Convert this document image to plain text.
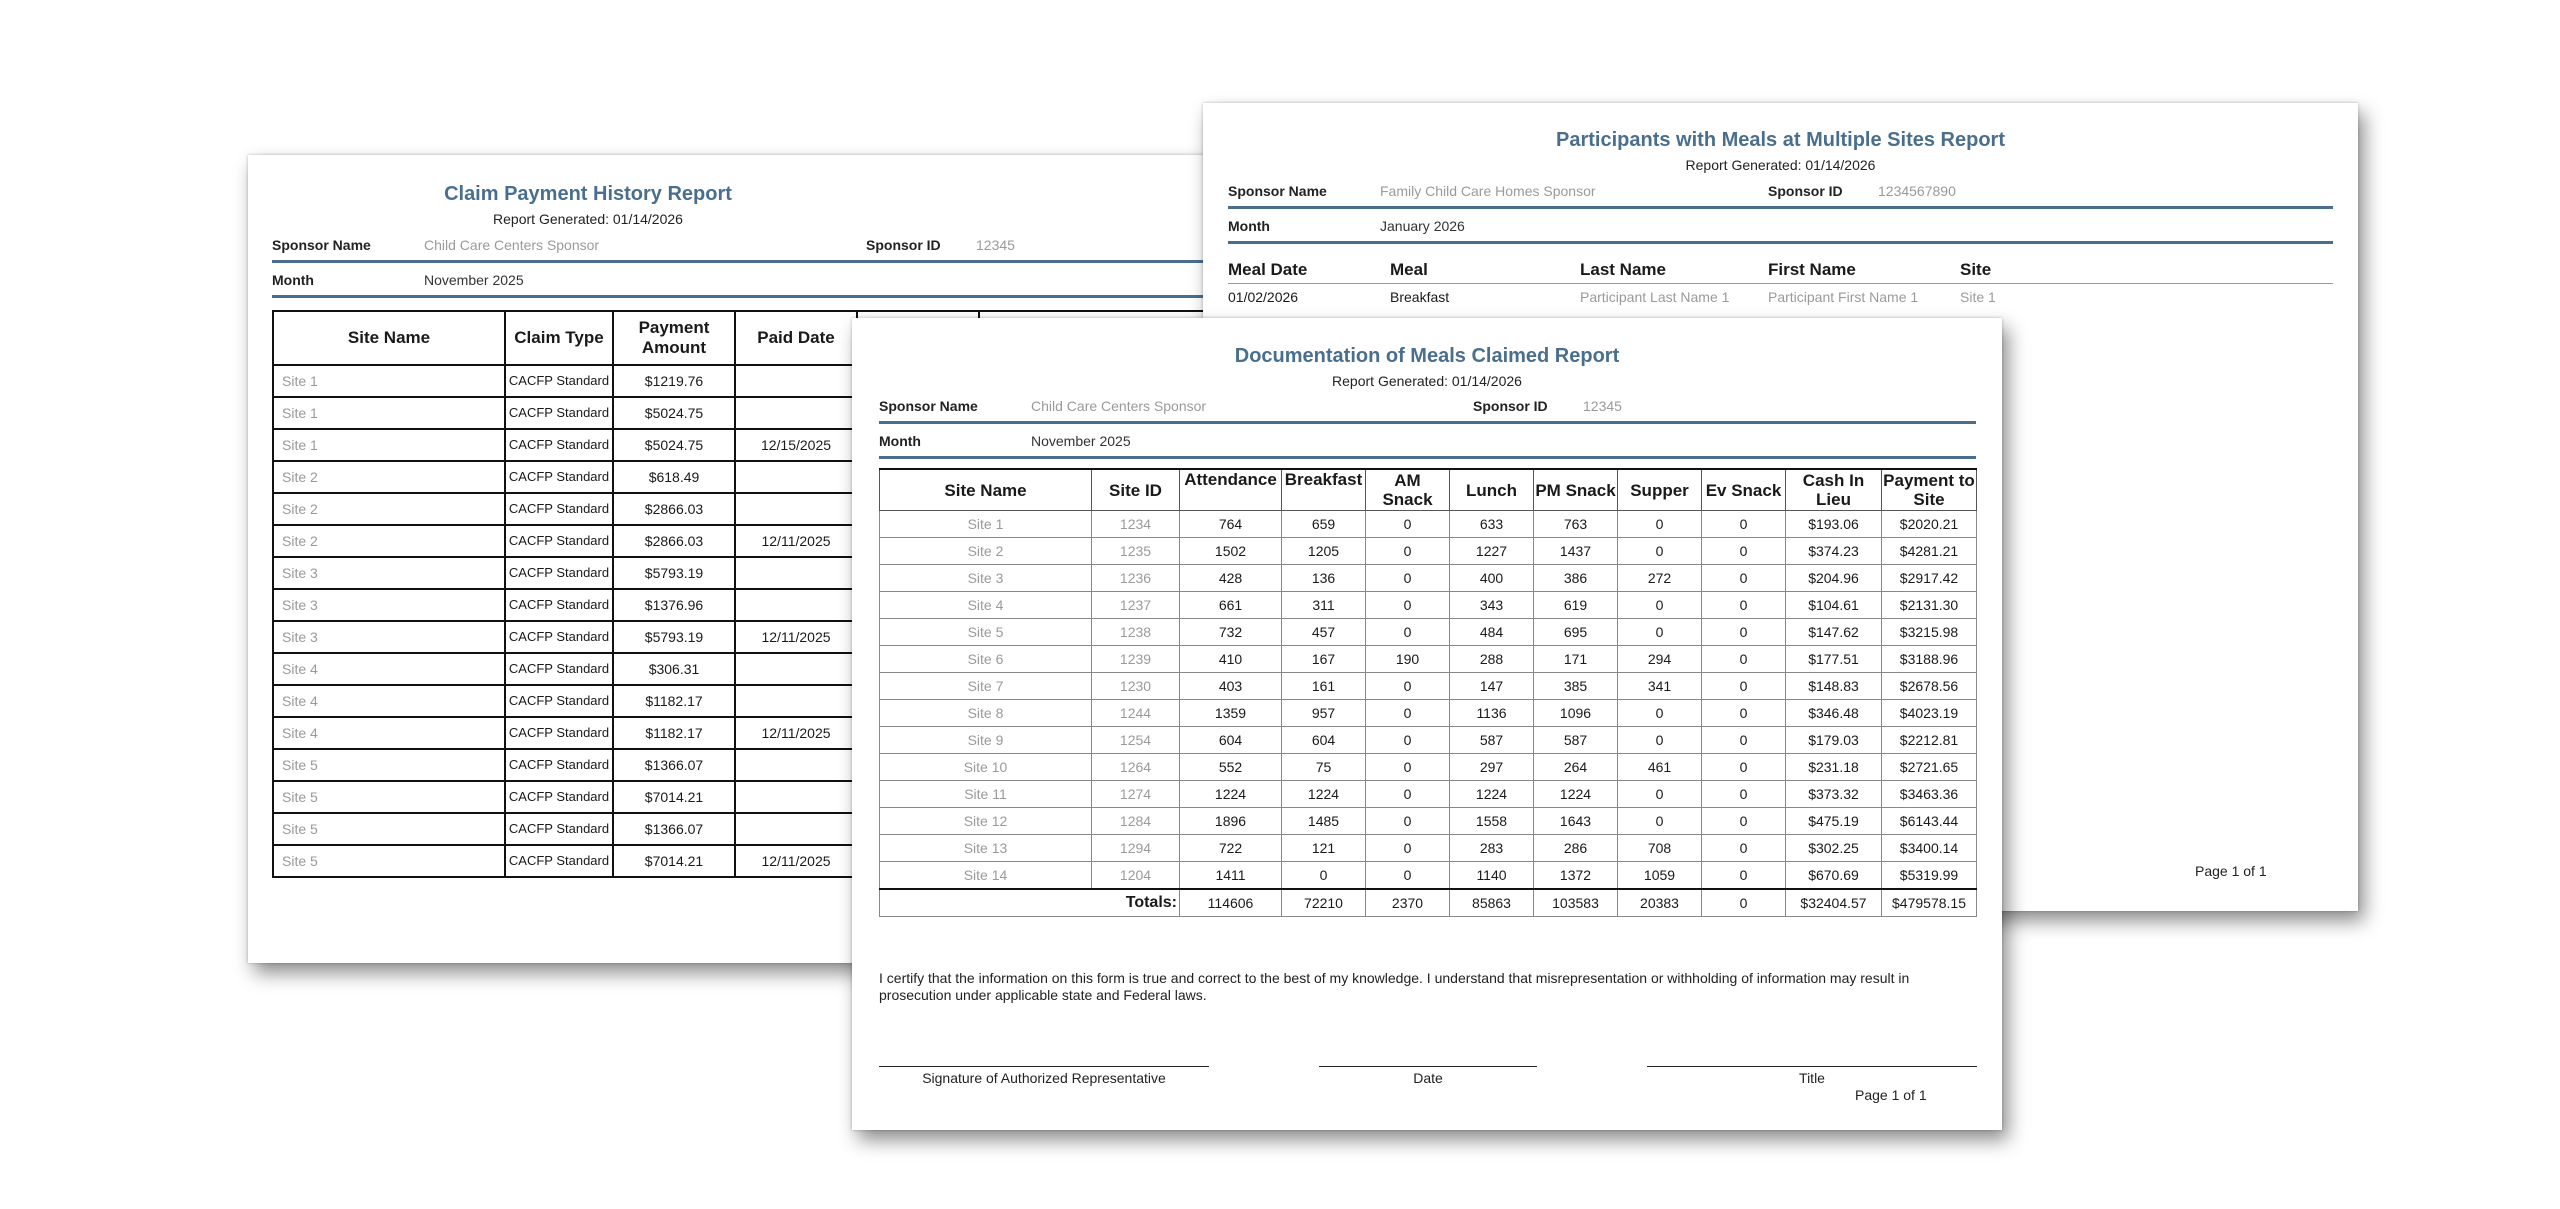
Claim Payment History Report
Report Generated: 01/14/2026
Sponsor Name	Child Care Centers Sponsor	Sponsor ID	12345
Month	November 2025
Site Name	Claim Type	Payment Amount	Paid Date		
Site 1	CACFP Standard	$1219.76			
Site 1	CACFP Standard	$5024.75			
Site 1	CACFP Standard	$5024.75	12/15/2025		
Site 2	CACFP Standard	$618.49			
Site 2	CACFP Standard	$2866.03			
Site 2	CACFP Standard	$2866.03	12/11/2025		
Site 3	CACFP Standard	$5793.19			
Site 3	CACFP Standard	$1376.96			
Site 3	CACFP Standard	$5793.19	12/11/2025		
Site 4	CACFP Standard	$306.31			
Site 4	CACFP Standard	$1182.17			
Site 4	CACFP Standard	$1182.17	12/11/2025		
Site 5	CACFP Standard	$1366.07			
Site 5	CACFP Standard	$7014.21			
Site 5	CACFP Standard	$1366.07			
Site 5	CACFP Standard	$7014.21	12/11/2025		
Participants with Meals at Multiple Sites Report
Report Generated: 01/14/2026
Sponsor Name	Family Child Care Homes Sponsor	Sponsor ID	1234567890
Month	January 2026
Meal Date	Meal	Last Name	First Name	Site
01/02/2026	Breakfast	Participant Last Name 1	Participant First Name 1	Site 1
Page 1 of 1
Documentation of Meals Claimed Report
Report Generated: 01/14/2026
Sponsor Name	Child Care Centers Sponsor	Sponsor ID	12345
Month	November 2025
Site Name	Site ID	Attendance	Breakfast	AM Snack	Lunch	PM Snack	Supper	Ev Snack	Cash In Lieu	Payment to Site
Site 1	1234	764	659	0	633	763	0	0	$193.06	$2020.21
Site 2	1235	1502	1205	0	1227	1437	0	0	$374.23	$4281.21
Site 3	1236	428	136	0	400	386	272	0	$204.96	$2917.42
Site 4	1237	661	311	0	343	619	0	0	$104.61	$2131.30
Site 5	1238	732	457	0	484	695	0	0	$147.62	$3215.98
Site 6	1239	410	167	190	288	171	294	0	$177.51	$3188.96
Site 7	1230	403	161	0	147	385	341	0	$148.83	$2678.56
Site 8	1244	1359	957	0	1136	1096	0	0	$346.48	$4023.19
Site 9	1254	604	604	0	587	587	0	0	$179.03	$2212.81
Site 10	1264	552	75	0	297	264	461	0	$231.18	$2721.65
Site 11	1274	1224	1224	0	1224	1224	0	0	$373.32	$3463.36
Site 12	1284	1896	1485	0	1558	1643	0	0	$475.19	$6143.44
Site 13	1294	722	121	0	283	286	708	0	$302.25	$3400.14
Site 14	1204	1411	0	0	1140	1372	1059	0	$670.69	$5319.99
Totals:		114606	72210	2370	85863	103583	20383	0	$32404.57	$479578.15
I certify that the information on this form is true and correct to the best of my knowledge. I understand that misrepresentation or withholding of information may result in prosecution under applicable state and Federal laws.
Signature of Authorized Representative	Date	Title
Page 1 of 1
